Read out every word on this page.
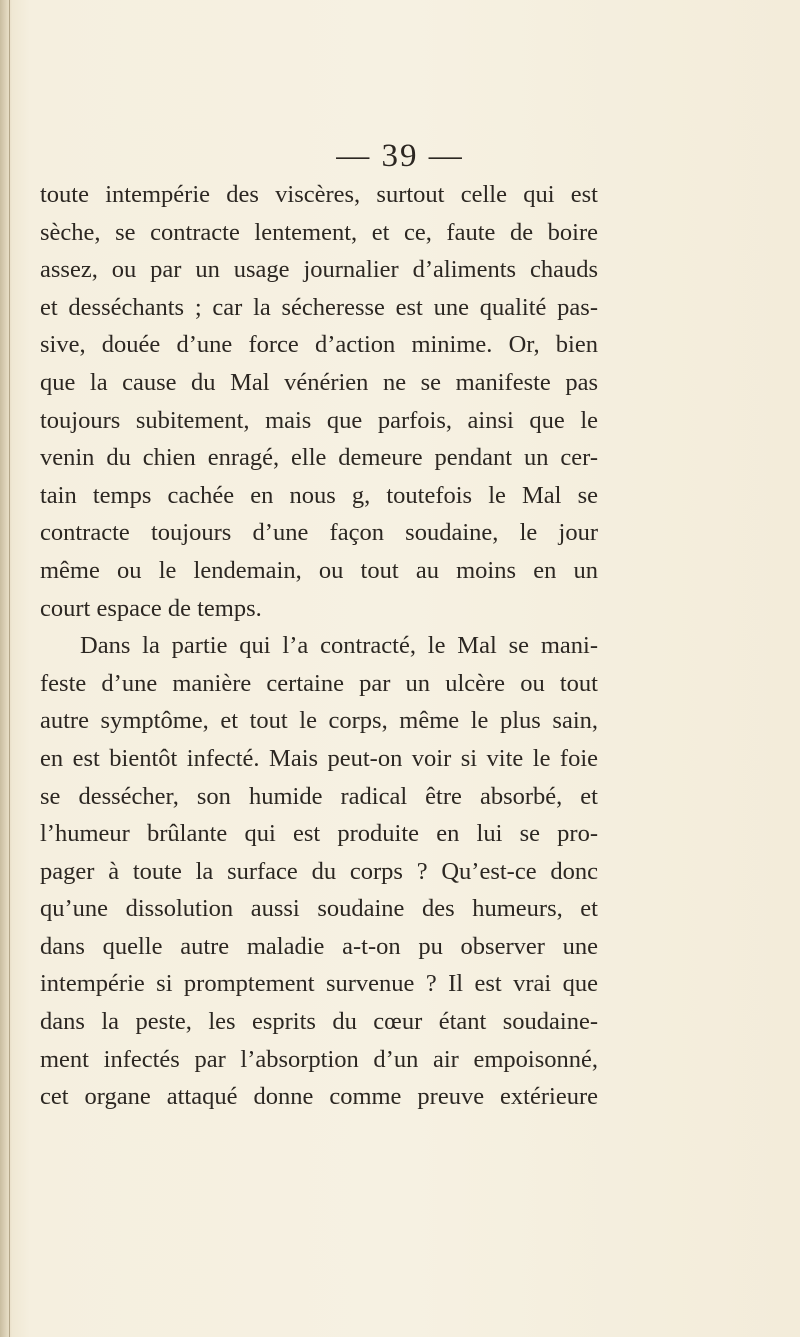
— 39 —
toute intempérie des viscères, surtout celle qui est
sèche, se contracte lentement, et ce, faute de boire
assez, ou par un usage journalier d’aliments chauds
et desséchants ; car la sécheresse est une qualité pas-
sive, douée d’une force d’action minime. Or, bien
que la cause du Mal vénérien ne se manifeste pas
toujours subitement, mais que parfois, ainsi que le
venin du chien enragé, elle demeure pendant un cer-
tain temps cachée en nous g, toutefois le Mal se
contracte toujours d’une façon soudaine, le jour
même ou le lendemain, ou tout au moins en un
court espace de temps.
Dans la partie qui l’a contracté, le Mal se mani-
feste d’une manière certaine par un ulcère ou tout
autre symptôme, et tout le corps, même le plus sain,
en est bientôt infecté. Mais peut-on voir si vite le foie
se dessécher, son humide radical être absorbé, et
l’humeur brûlante qui est produite en lui se pro-
pager à toute la surface du corps ? Qu’est-ce donc
qu’une dissolution aussi soudaine des humeurs, et
dans quelle autre maladie a-t-on pu observer une
intempérie si promptement survenue ? Il est vrai que
dans la peste, les esprits du cœur étant soudaine-
ment infectés par l’absorption d’un air empoisonné,
cet organe attaqué donne comme preuve extérieure
